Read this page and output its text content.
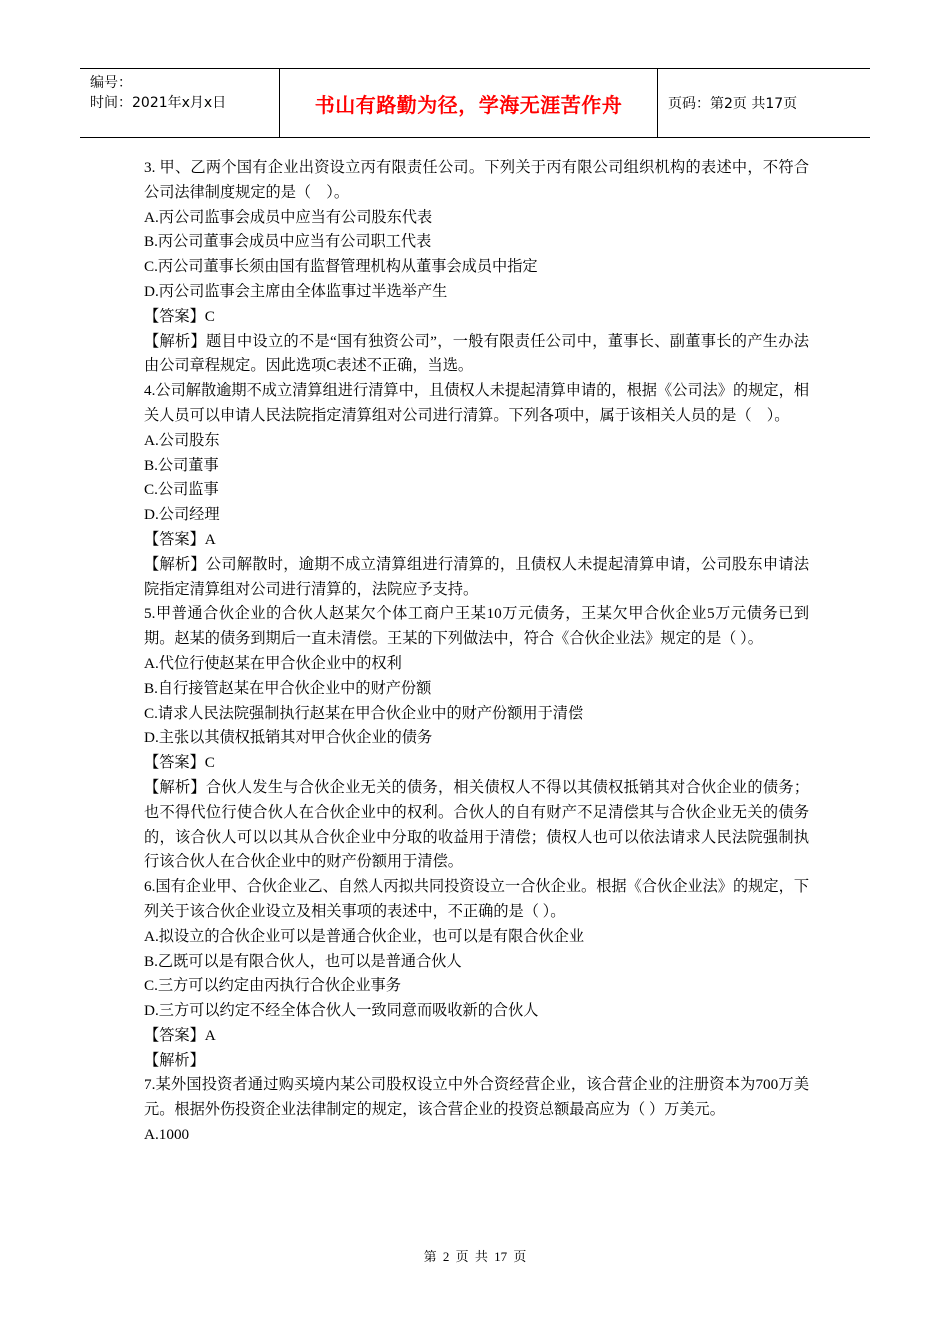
编号：
时间：2021年x月x日	书山有路勤为径，学海无涯苦作舟	页码：第2页 共17页

3. 甲、乙两个国有企业出资设立丙有限责任公司。下列关于丙有限公司组织机构的表述中，不符合公司法律制度规定的是（　）。

A.丙公司监事会成员中应当有公司股东代表

B.丙公司董事会成员中应当有公司职工代表

C.丙公司董事长须由国有监督管理机构从董事会成员中指定

D.丙公司监事会主席由全体监事过半选举产生

【答案】C

【解析】题目中设立的不是“国有独资公司”，一般有限责任公司中，董事长、副董事长的产生办法由公司章程规定。因此选项C表述不正确，当选。

4.公司解散逾期不成立清算组进行清算中，且债权人未提起清算申请的，根据《公司法》的规定，相关人员可以申请人民法院指定清算组对公司进行清算。下列各项中，属于该相关人员的是（　）。

A.公司股东

B.公司董事

C.公司监事

D.公司经理

【答案】A

【解析】公司解散时，逾期不成立清算组进行清算的，且债权人未提起清算申请，公司股东申请法院指定清算组对公司进行清算的，法院应予支持。

5.甲普通合伙企业的合伙人赵某欠个体工商户王某10万元债务，王某欠甲合伙企业5万元债务已到期。赵某的债务到期后一直未清偿。王某的下列做法中，符合《合伙企业法》规定的是（ ）。

A.代位行使赵某在甲合伙企业中的权利

B.自行接管赵某在甲合伙企业中的财产份额

C.请求人民法院强制执行赵某在甲合伙企业中的财产份额用于清偿

D.主张以其债权抵销其对甲合伙企业的债务

【答案】C

【解析】合伙人发生与合伙企业无关的债务，相关债权人不得以其债权抵销其对合伙企业的债务；也不得代位行使合伙人在合伙企业中的权利。合伙人的自有财产不足清偿其与合伙企业无关的债务的，该合伙人可以以其从合伙企业中分取的收益用于清偿；债权人也可以依法请求人民法院强制执行该合伙人在合伙企业中的财产份额用于清偿。

6.国有企业甲、合伙企业乙、自然人丙拟共同投资设立一合伙企业。根据《合伙企业法》的规定，下列关于该合伙企业设立及相关事项的表述中，不正确的是（ ）。

A.拟设立的合伙企业可以是普通合伙企业，也可以是有限合伙企业

B.乙既可以是有限合伙人，也可以是普通合伙人

C.三方可以约定由丙执行合伙企业事务

D.三方可以约定不经全体合伙人一致同意而吸收新的合伙人

【答案】A

【解析】

7.某外国投资者通过购买境内某公司股权设立中外合资经营企业，该合营企业的注册资本为700万美元。根据外伤投资企业法律制定的规定，该合营企业的投资总额最高应为（ ）万美元。

A.1000

第 2 页 共 17 页
